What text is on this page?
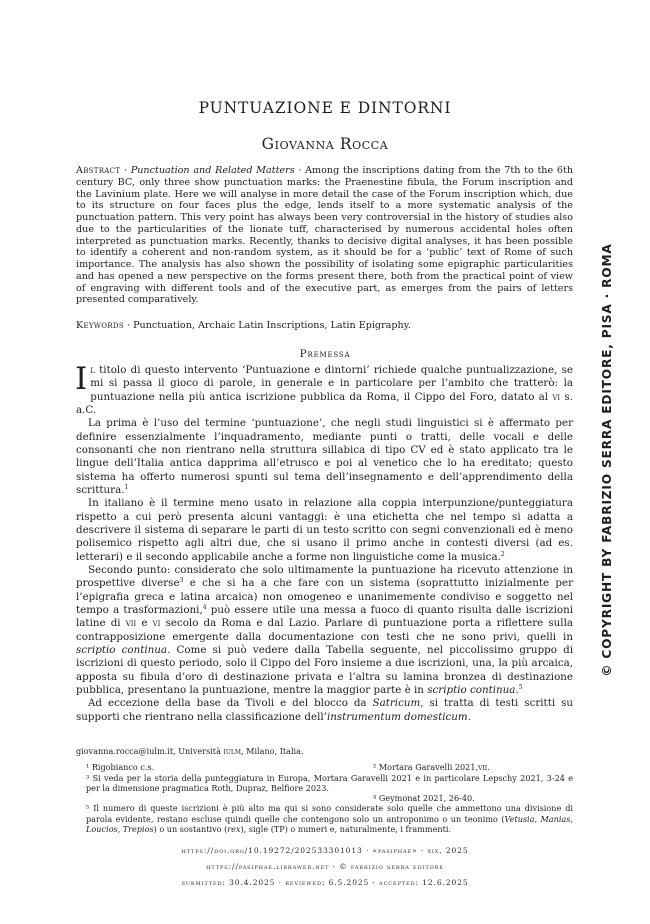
PUNTUAZIONE E DINTORNI
Giovanna Rocca
Abstract · Punctuation and Related Matters · Among the inscriptions dating from the 7th to the 6th century BC, only three show punctuation marks: the Praenestine fibula, the Forum inscription and the Lavinium plate. Here we will analyse in more detail the case of the Forum inscription which, due to its structure on four faces plus the edge, lends itself to a more systematic analysis of the punctuation pattern. This very point has always been very controversial in the history of studies also due to the particularities of the lionate tuff, characterised by numerous accidental holes often interpreted as punctuation marks. Recently, thanks to decisive digital analyses, it has been possible to identify a coherent and non-random system, as it should be for a ‘public’ text of Rome of such importance. The analysis has also shown the possibility of isolating some epigraphic particularities and has opened a new perspective on the forms present there, both from the practical point of view of engraving with different tools and of the executive part, as emerges from the pairs of letters presented comparatively.
Keywords · Punctuation, Archaic Latin Inscriptions, Latin Epigraphy.
Premessa

Il titolo di questo intervento ‘Puntuazione e dintorni’ richiede qualche puntualizzazione, se mi si passa il gioco di parole, in generale e in particolare per l’ambito che tratterò: la puntuazione nella più antica iscrizione pubblica da Roma, il Cippo del Foro, datato al vi s. a.C.

La prima è l’uso del termine ‘puntuazione’, che negli studi linguistici si è affermato per definire essenzialmente l’inquadramento, mediante punti o tratti, delle vocali e delle consonanti che non rientrano nella struttura sillabica di tipo CV ed è stato applicato tra le lingue dell’Italia antica dapprima all’etrusco e poi al venetico che lo ha ereditato; questo sistema ha offerto numerosi spunti sul tema dell’insegnamento e dell’apprendimento della scrittura.$^1$

In italiano è il termine meno usato in relazione alla coppia interpunzione/punteggiatura rispetto a cui però presenta alcuni vantaggi: è una etichetta che nel tempo si adatta a descrivere il sistema di separare le parti di un testo scritto con segni convenzionali ed è meno polisemico rispetto agli altri due, che si usano il primo anche in contesti diversi (ad es. letterari) e il secondo applicabile anche a forme non linguistiche come la musica.$^2$

Secondo punto: considerato che solo ultimamente la puntuazione ha ricevuto attenzione in prospettive diverse$^3$ e che si ha a che fare con un sistema (soprattutto inizialmente per l’epigrafia greca e latina arcaica) non omogeneo e unanimemente condiviso e soggetto nel tempo a trasformazioni,$^4$ può essere utile una messa a fuoco di quanto risulta dalle iscrizioni latine di vii e vi secolo da Roma e dal Lazio. Parlare di puntuazione porta a riflettere sulla contrapposizione emergente dalla documentazione con testi che ne sono privi, quelli in scriptio continua. Come si può vedere dalla Tabella seguente, nel piccolissimo gruppo di iscrizioni di questo periodo, solo il Cippo del Foro insieme a due iscrizioni, una, la più arcaica, apposta su fibula d’oro di destinazione privata e l’altra su lamina bronzea di destinazione pubblica, presentano la puntuazione, mentre la maggior parte è in scriptio continua.$^5$

Ad eccezione della base da Tivoli e del blocco da Satricum, si tratta di testi scritti su supporti che rientrano nella classificazione dell’instrumentum domesticum.

giovanna.rocca@iulm.it, Università iulm, Milano, Italia.

¹ Rigobianco c.s.	² Mortara Garavelli 2021,vii.
³ Si veda per la storia della punteggiatura in Europa, Mortara Garavelli 2021 e in particolare Lepschy 2021, 3-24 e per la dimensione pragmatica Roth, Dupraz, Belfiore 2023.
⁴ Geymonat 2021, 26-40.

⁵ Il numero di queste iscrizioni è più alto ma qui si sono considerate solo quelle che ammettono una divisione di parola evidente, restano escluse quindi quelle che contengono solo un antroponimo o un teonimo (Vetusia, Manias, Loucios, Trepios) o un sostantivo (rex), sigle (TP) o numeri e, naturalmente, i frammenti.

https://doi.org/10.19272/202533301013 · «pasiphae» · xix, 2025
https://pasiphae.libraweb.net · © fabrizio serra editore
submitted: 30.4.2025 · reviewed: 6.5.2025 · accepted: 12.6.2025
© COPYRIGHT BY FABRIZIO SERRA EDITORE, PISA · ROMA
